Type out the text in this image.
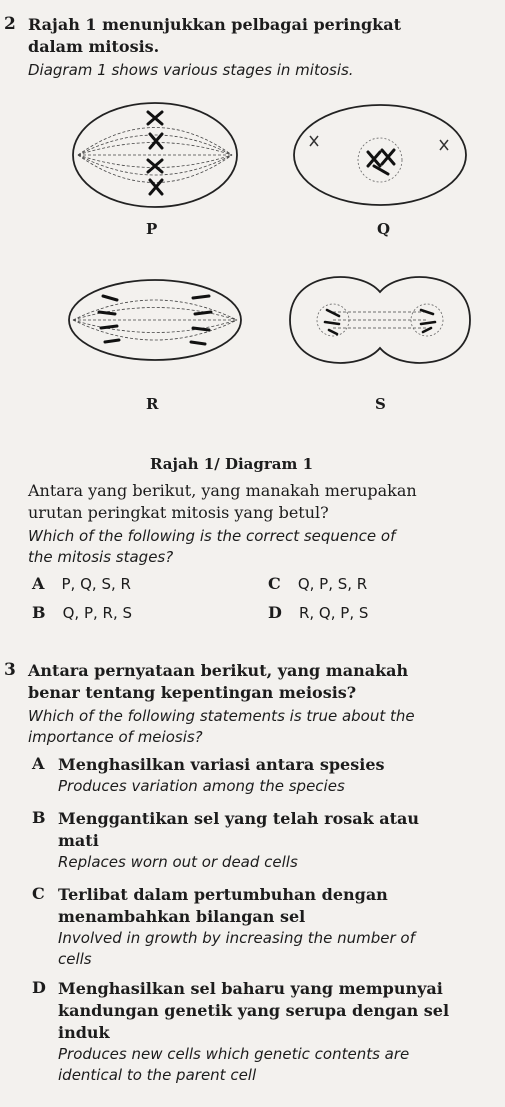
2 Rajah 1 menunjukkan pelbagai peringkat
dalam mitosis.
Diagram 1 shows various stages in mitosis.
P	Q
R	S
Rajah 1/ Diagram 1
Antara yang berikut, yang manakah merupakan
urutan peringkat mitosis yang betul?
Which of the following is the correct sequence of
the mitosis stages?
A P, Q, S, R
B Q, P, R, S
C Q, P, S, R
D R, Q, P, S
3 Antara pernyataan berikut, yang manakah
benar tentang kepentingan meiosis?
Which of the following statements is true about the
importance of meiosis?
A Menghasilkan variasi antara spesies
Produces variation among the species
B Menggantikan sel yang telah rosak atau
mati
Replaces worn out or dead cells
C Terlibat dalam pertumbuhan dengan
menambahkan bilangan sel
Involved in growth by increasing the number of
cells
D Menghasilkan sel baharu yang mempunyai
kandungan genetik yang serupa dengan sel
induk
Produces new cells which genetic contents are
identical to the parent cell
